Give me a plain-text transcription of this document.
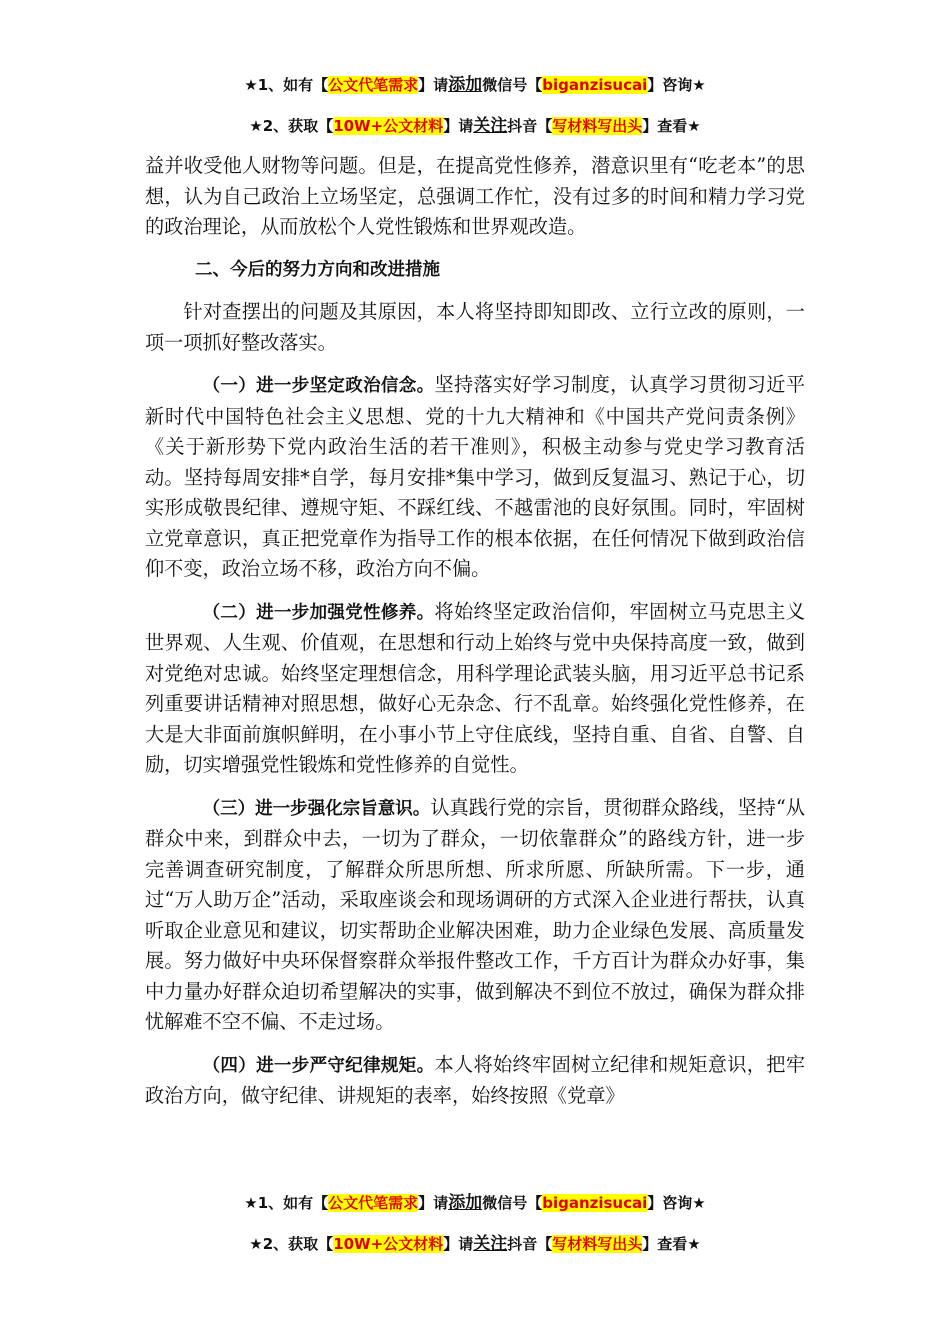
★1、如有【公文代笔需求】请添加微信号【biganzisucai】咨询★
★2、获取【10W+公文材料】请关注抖音【写材料写出头】查看★

益并收受他人财物等问题。但是，在提高党性修养，潜意识里有“吃老本”的思想，认为自己政治上立场坚定，总强调工作忙，没有过多的时间和精力学习党的政治理论，从而放松个人党性锻炼和世界观改造。

二、今后的努力方向和改进措施

针对查摆出的问题及其原因，本人将坚持即知即改、立行立改的原则，一项一项抓好整改落实。

（一）进一步坚定政治信念。坚持落实好学习制度，认真学习贯彻习近平新时代中国特色社会主义思想、党的十九大精神和《中国共产党问责条例》《关于新形势下党内政治生活的若干准则》，积极主动参与党史学习教育活动。坚持每周安排*自学，每月安排*集中学习，做到反复温习、熟记于心，切实形成敬畏纪律、遵规守矩、不踩红线、不越雷池的良好氛围。同时，牢固树立党章意识，真正把党章作为指导工作的根本依据，在任何情况下做到政治信仰不变，政治立场不移，政治方向不偏。

（二）进一步加强党性修养。将始终坚定政治信仰，牢固树立马克思主义世界观、人生观、价值观，在思想和行动上始终与党中央保持高度一致，做到对党绝对忠诚。始终坚定理想信念，用科学理论武装头脑，用习近平总书记系列重要讲话精神对照思想，做好心无杂念、行不乱章。始终强化党性修养，在大是大非面前旗帜鲜明，在小事小节上守住底线，坚持自重、自省、自警、自励，切实增强党性锻炼和党性修养的自觉性。

（三）进一步强化宗旨意识。认真践行党的宗旨，贯彻群众路线，坚持“从群众中来，到群众中去，一切为了群众，一切依靠群众”的路线方针，进一步完善调查研究制度，了解群众所思所想、所求所愿、所缺所需。下一步，通过“万人助万企”活动，采取座谈会和现场调研的方式深入企业进行帮扶，认真听取企业意见和建议，切实帮助企业解决困难，助力企业绿色发展、高质量发展。努力做好中央环保督察群众举报件整改工作，千方百计为群众办好事，集中力量办好群众迫切希望解决的实事，做到解决不到位不放过，确保为群众排忧解难不空不偏、不走过场。

（四）进一步严守纪律规矩。本人将始终牢固树立纪律和规矩意识，把牢政治方向，做守纪律、讲规矩的表率，始终按照《党章》

★1、如有【公文代笔需求】请添加微信号【biganzisucai】咨询★
★2、获取【10W+公文材料】请关注抖音【写材料写出头】查看★
